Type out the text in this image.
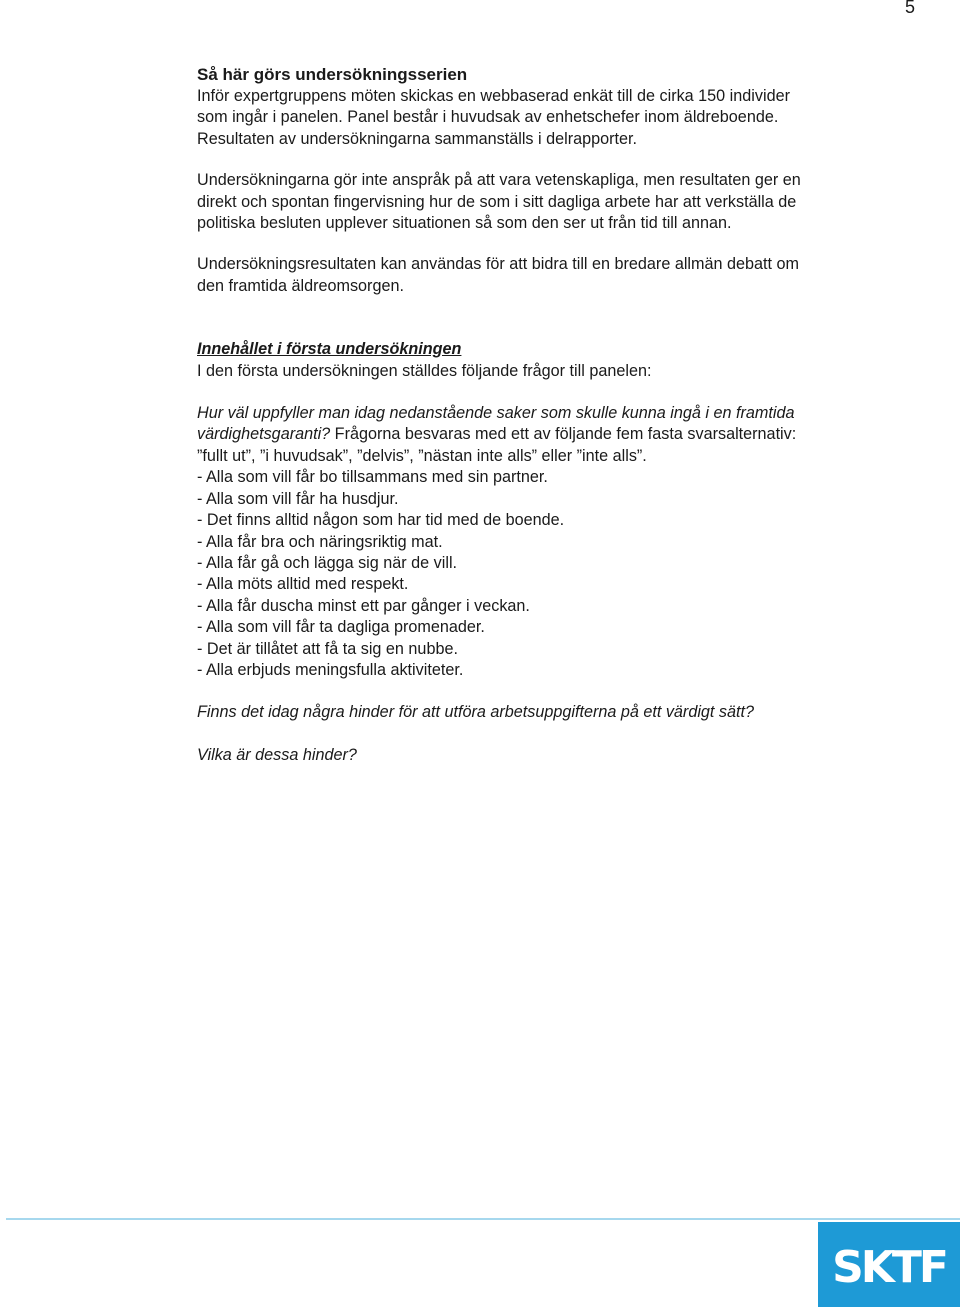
5

Så här görs undersökningsserien

Inför expertgruppens möten skickas en webbaserad enkät till de cirka 150 individer

som ingår i panelen. Panel består i huvudsak av enhetschefer inom äldreboende.

Resultaten av undersökningarna sammanställs i delrapporter.

Undersökningarna gör inte anspråk på att vara vetenskapliga, men resultaten ger en

direkt och spontan fingervisning hur de som i sitt dagliga arbete har att verkställa de

politiska besluten upplever situationen så som den ser ut från tid till annan.

Undersökningsresultaten kan användas för att bidra till en bredare allmän debatt om

den framtida äldreomsorgen.

Innehållet i första undersökningen

I den första undersökningen ställdes följande frågor till panelen:

Hur väl uppfyller man idag nedanstående saker som skulle kunna ingå i en framtida

värdighetsgaranti? Frågorna besvaras med ett av följande fem fasta svarsalternativ:

”fullt ut”, ”i huvudsak”, ”delvis”, ”nästan inte alls” eller ”inte alls”.

- Alla som vill får bo tillsammans med sin partner.
- Alla som vill får ha husdjur.
- Det finns alltid någon som har tid med de boende.
- Alla får bra och näringsriktig mat.
- Alla får gå och lägga sig när de vill.
- Alla möts alltid med respekt.
- Alla får duscha minst ett par gånger i veckan.
- Alla som vill får ta dagliga promenader.
- Det är tillåtet att få ta sig en nubbe.
- Alla erbjuds meningsfulla aktiviteter.

Finns det idag några hinder för att utföra arbetsuppgifterna på ett värdigt sätt?

Vilka är dessa hinder?

SKTF
